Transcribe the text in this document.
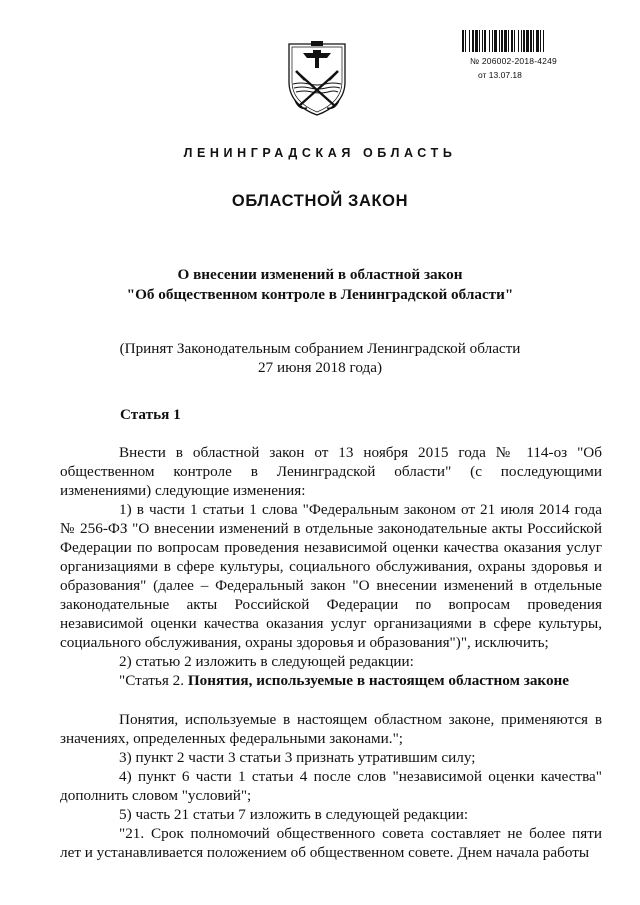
№ 206002-2018-4249
от 13.07.18
ЛЕНИНГРАДСКАЯ ОБЛАСТЬ
ОБЛАСТНОЙ ЗАКОН
О внесении изменений в областной закон
"Об общественном контроле в Ленинградской области"
(Принят Законодательным собранием Ленинградской области
27 июня 2018 года)
Статья 1

Внести в областной закон от 13 ноября 2015 года № 114-оз "Об общественном контроле в Ленинградской области" (с последующими изменениями) следующие изменения:

1) в части 1 статьи 1 слова "Федеральным законом от 21 июля 2014 года № 256-ФЗ "О внесении изменений в отдельные законодательные акты Российской Федерации по вопросам проведения независимой оценки качества оказания услуг организациями в сфере культуры, социального обслуживания, охраны здоровья и образования" (далее – Федеральный закон "О внесении изменений в отдельные законодательные акты Российской Федерации по вопросам проведения независимой оценки качества оказания услуг организациями в сфере культуры, социального обслуживания, охраны здоровья и образования")", исключить;

2) статью 2 изложить в следующей редакции:

"Статья 2. Понятия, используемые в настоящем областном законе

Понятия, используемые в настоящем областном законе, применяются в значениях, определенных федеральными законами.";

3) пункт 2 части 3 статьи 3 признать утратившим силу;

4) пункт 6 части 1 статьи 4 после слов "независимой оценки качества" дополнить словом "условий";

5) часть 21 статьи 7 изложить в следующей редакции:

"21. Срок полномочий общественного совета составляет не более пяти лет и устанавливается положением об общественном совете. Днем начала работы
